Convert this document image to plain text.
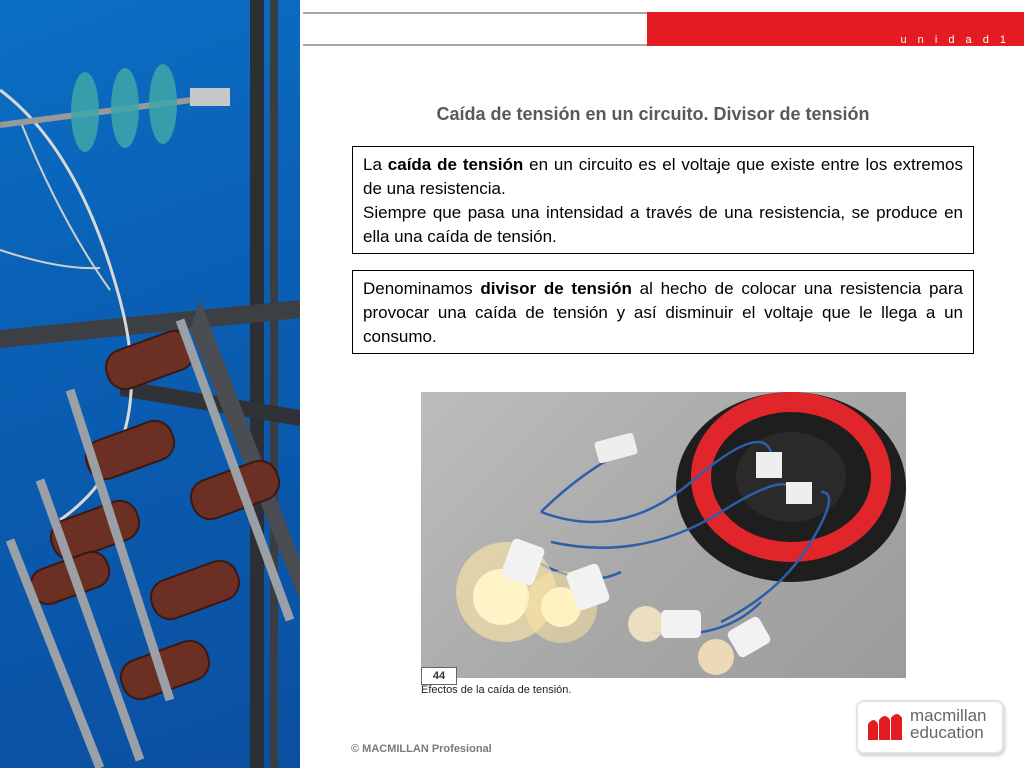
u n i d a d 1
Caída de tensión en un circuito. Divisor de tensión

La caída de tensión en un circuito es el voltaje que existe entre los extremos de una resistencia.

Siempre que pasa una intensidad a través de una resistencia, se produce en ella una caída de tensión.

Denominamos divisor de tensión al hecho de colocar una resistencia para provocar una caída de tensión y así disminuir el voltaje que le llega a un consumo.

44
Efectos de la caída de tensión.
© MACMILLAN Profesional
macmillan
education
